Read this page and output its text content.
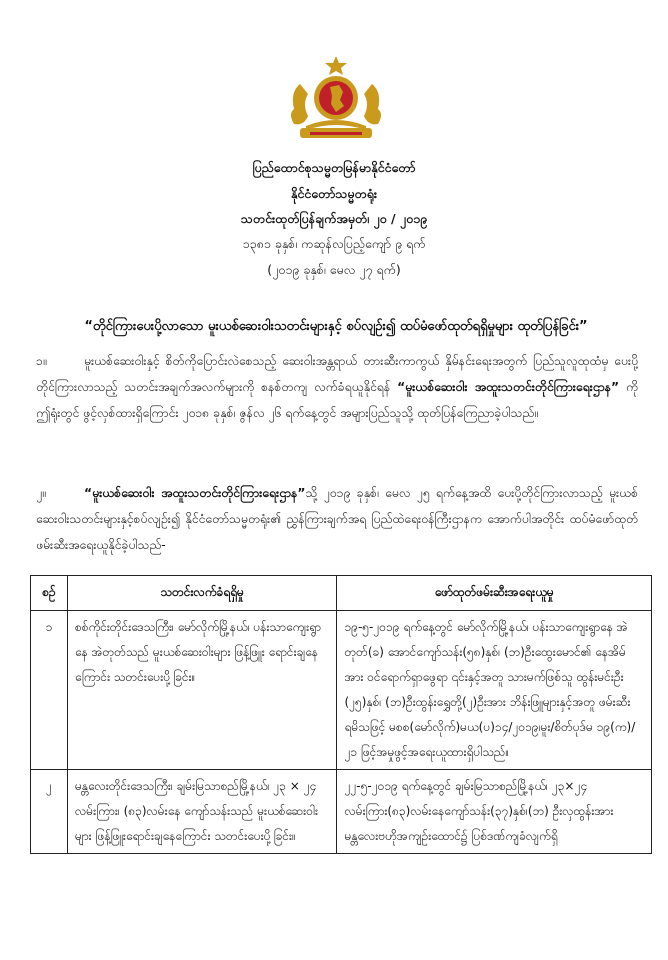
ပြည်ထောင်စုသမ္မတမြန်မာနိုင်ငံတော်
နိုင်ငံတော်သမ္မတရုံး
သတင်းထုတ်ပြန်ချက်အမှတ်၊ ၂၀ / ၂၀၁၉
၁၃၈၁ ခုနှစ်၊ ကဆုန်လပြည့်ကျော် ၉ ရက်
(၂၀၁၉ ခုနှစ်၊ မေလ ၂၇ ရက်)
“တိုင်ကြားပေးပို့လာသော မူးယစ်ဆေးဝါးသတင်းများနှင့် စပ်လျဉ်း၍ ထပ်မံဖော်ထုတ်ရရှိမှုများ ထုတ်ပြန်ခြင်း”
၁။	မူးယစ်ဆေးဝါးနှင့် စိတ်ကိုပြောင်းလဲစေသည့် ဆေးဝါးအန္တရာယ် တားဆီးကာကွယ် နှိမ်နင်းရေးအတွက် ပြည်သူလူထုထံမှ ပေးပို့တိုင်ကြားလာသည့် သတင်းအချက်အလက်များကို စနစ်တကျ လက်ခံရယူနိုင်ရန် “မူးယစ်ဆေးဝါး အထူးသတင်းတိုင်ကြားရေးဌာန” ကို ဤရုံးတွင် ဖွင့်လှစ်ထားရှိကြောင်း ၂၀၁၈ ခုနှစ်၊ ဇွန်လ ၂၆ ရက်နေ့တွင် အများပြည်သူသို့ ထုတ်ပြန်ကြေညာခဲ့ပါသည်။
၂။	“မူးယစ်ဆေးဝါး အထူးသတင်းတိုင်ကြားရေးဌာန”သို့ ၂၀၁၉ ခုနှစ်၊ မေလ ၂၅ ရက်နေ့အထိ ပေးပို့တိုင်ကြားလာသည့် မူးယစ်ဆေးဝါးသတင်းများနှင့်စပ်လျဉ်း၍ နိုင်ငံတော်သမ္မတရုံး၏ ညွှန်ကြားချက်အရ ပြည်ထဲရေးဝန်ကြီးဌာနက အောက်ပါအတိုင်း ထပ်မံဖော်ထုတ်ဖမ်းဆီးအရေးယူနိုင်ခဲ့ပါသည်-
စဉ်	သတင်းလက်ခံရရှိမှု	ဖော်ထုတ်ဖမ်းဆီးအရေးယူမှု
၁	စစ်ကိုင်းတိုင်းဒေသကြီး၊ မော်လိုက်မြို့နယ်၊ ပန်းသာကျေးရွာနေ အဲတုတ်သည် မူးယစ်ဆေးဝါးများ ဖြန့်ဖြူး ရောင်းချနေကြောင်း သတင်းပေးပို့ခြင်း။	၁၉-၅-၂၀၁၉ ရက်နေ့တွင် မော်လိုက်မြို့နယ်၊ ပန်းသာကျေးရွာနေ အဲတုတ်(ခ) အောင်ကျော်သန်း(၅၈)နှစ်၊ (ဘ)ဦးထွေးမောင်၏ နေအိမ်အား ဝင်ရောက်ရှာဖွေရာ ၎င်းနှင့်အတူ သားမက်ဖြစ်သူ ထွန်းမင်းဦး (၂၅)နှစ်၊ (ဘ)ဦးထွန်းရွှေတို့(၂)ဦးအား ဘိန်းဖြူများနှင့်အတူ ဖမ်းဆီးရမိသဖြင့် မစစ(မော်လိုက်)မယ(ပ)၁၄/၂၀၁၉၊မူး/စိတ်ပုဒ်မ ၁၉(က)/ ၂၁ ဖြင့်အမှုဖွင့်အရေးယူထားရှိပါသည်။
၂	မန္တလေးတိုင်းဒေသကြီး၊ ချမ်းမြသာစည်မြို့နယ်၊ ၂၃ × ၂၄ လမ်းကြား၊ (၈၃)လမ်းနေ ကျော်သန်းသည် မူးယစ်ဆေးဝါးများ ဖြန့်ဖြူးရောင်းချနေကြောင်း သတင်းပေးပို့ခြင်း။	၂၂-၅-၂၀၁၉ ရက်နေ့တွင် ချမ်းမြသာစည်မြို့နယ်၊ ၂၃×၂၄ လမ်းကြား(၈၃)လမ်းနေကျော်သန်း(၃၇)နှစ်၊(ဘ) ဦးလှထွန်းအား မန္တလေးဗဟိုအကျဉ်းထောင်၌ ပြစ်ဒဏ်ကျခံလျက်ရှိ
